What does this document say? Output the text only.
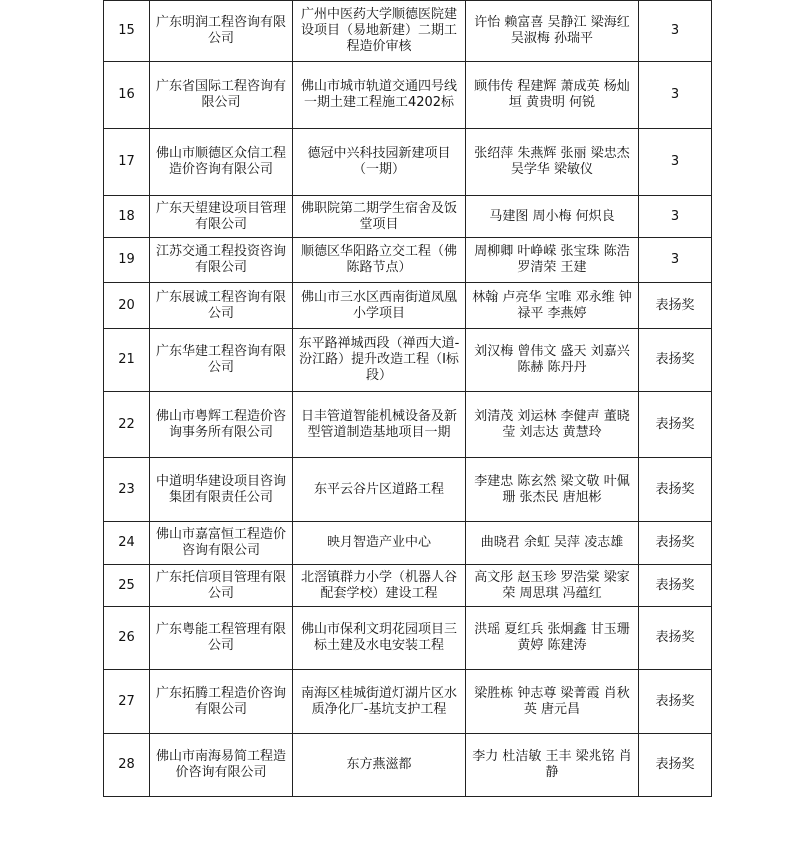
15	广东明润工程咨询有限公司	广州中医药大学顺德医院建设项目（易地新建）二期工程造价审核	许怡 赖富喜 吴静江 梁海红 吴淑梅 孙瑞平	3
16	广东省国际工程咨询有限公司	佛山市城市轨道交通四号线一期土建工程施工4202标	顾伟传 程建辉 萧成英 杨灿垣 黄贵明 何锐	3
17	佛山市顺德区众信工程造价咨询有限公司	德冠中兴科技园新建项目（一期）	张绍萍 朱燕辉 张丽 梁忠杰 吴学华 梁敏仪	3
18	广东天望建设项目管理有限公司	佛职院第二期学生宿舍及饭堂项目	马建图 周小梅 何炽良	3
19	江苏交通工程投资咨询有限公司	顺德区华阳路立交工程（佛陈路节点）	周柳卿 叶峥嵘 张宝珠 陈浩 罗清荣 王建	3
20	广东展诚工程咨询有限公司	佛山市三水区西南街道凤凰小学项目	林翰 卢亮华 宝唯 邓永维 钟禄平 李燕婷	表扬奖
21	广东华建工程咨询有限公司	东平路禅城西段（禅西大道-汾江路）提升改造工程（I标段）	刘汉梅 曾伟文 盛天 刘嘉兴 陈赫 陈丹丹	表扬奖
22	佛山市粤辉工程造价咨询事务所有限公司	日丰管道智能机械设备及新型管道制造基地项目一期	刘清茂 刘运林 李健声 董晓莹 刘志达 黄慧玲	表扬奖
23	中道明华建设项目咨询集团有限责任公司	东平云谷片区道路工程	李建忠 陈玄然 梁文敬 叶佩珊 张杰民 唐旭彬	表扬奖
24	佛山市嘉富恒工程造价咨询有限公司	映月智造产业中心	曲晓君 余虹 吴萍 凌志雄	表扬奖
25	广东托信项目管理有限公司	北滘镇群力小学（机器人谷配套学校）建设工程	高文彤 赵玉珍 罗浩棠 梁家荣 周思琪 冯蕴红	表扬奖
26	广东粤能工程管理有限公司	佛山市保利文玥花园项目三标土建及水电安装工程	洪瑶 夏红兵 张炯鑫 甘玉珊 黄婷 陈建涛	表扬奖
27	广东拓腾工程造价咨询有限公司	南海区桂城街道灯湖片区水质净化厂-基坑支护工程	梁胜栋 钟志尊 梁菁霞 肖秋英 唐元昌	表扬奖
28	佛山市南海易简工程造价咨询有限公司	东方燕滋都	李力 杜洁敏 王丰 梁兆铭 肖静	表扬奖
